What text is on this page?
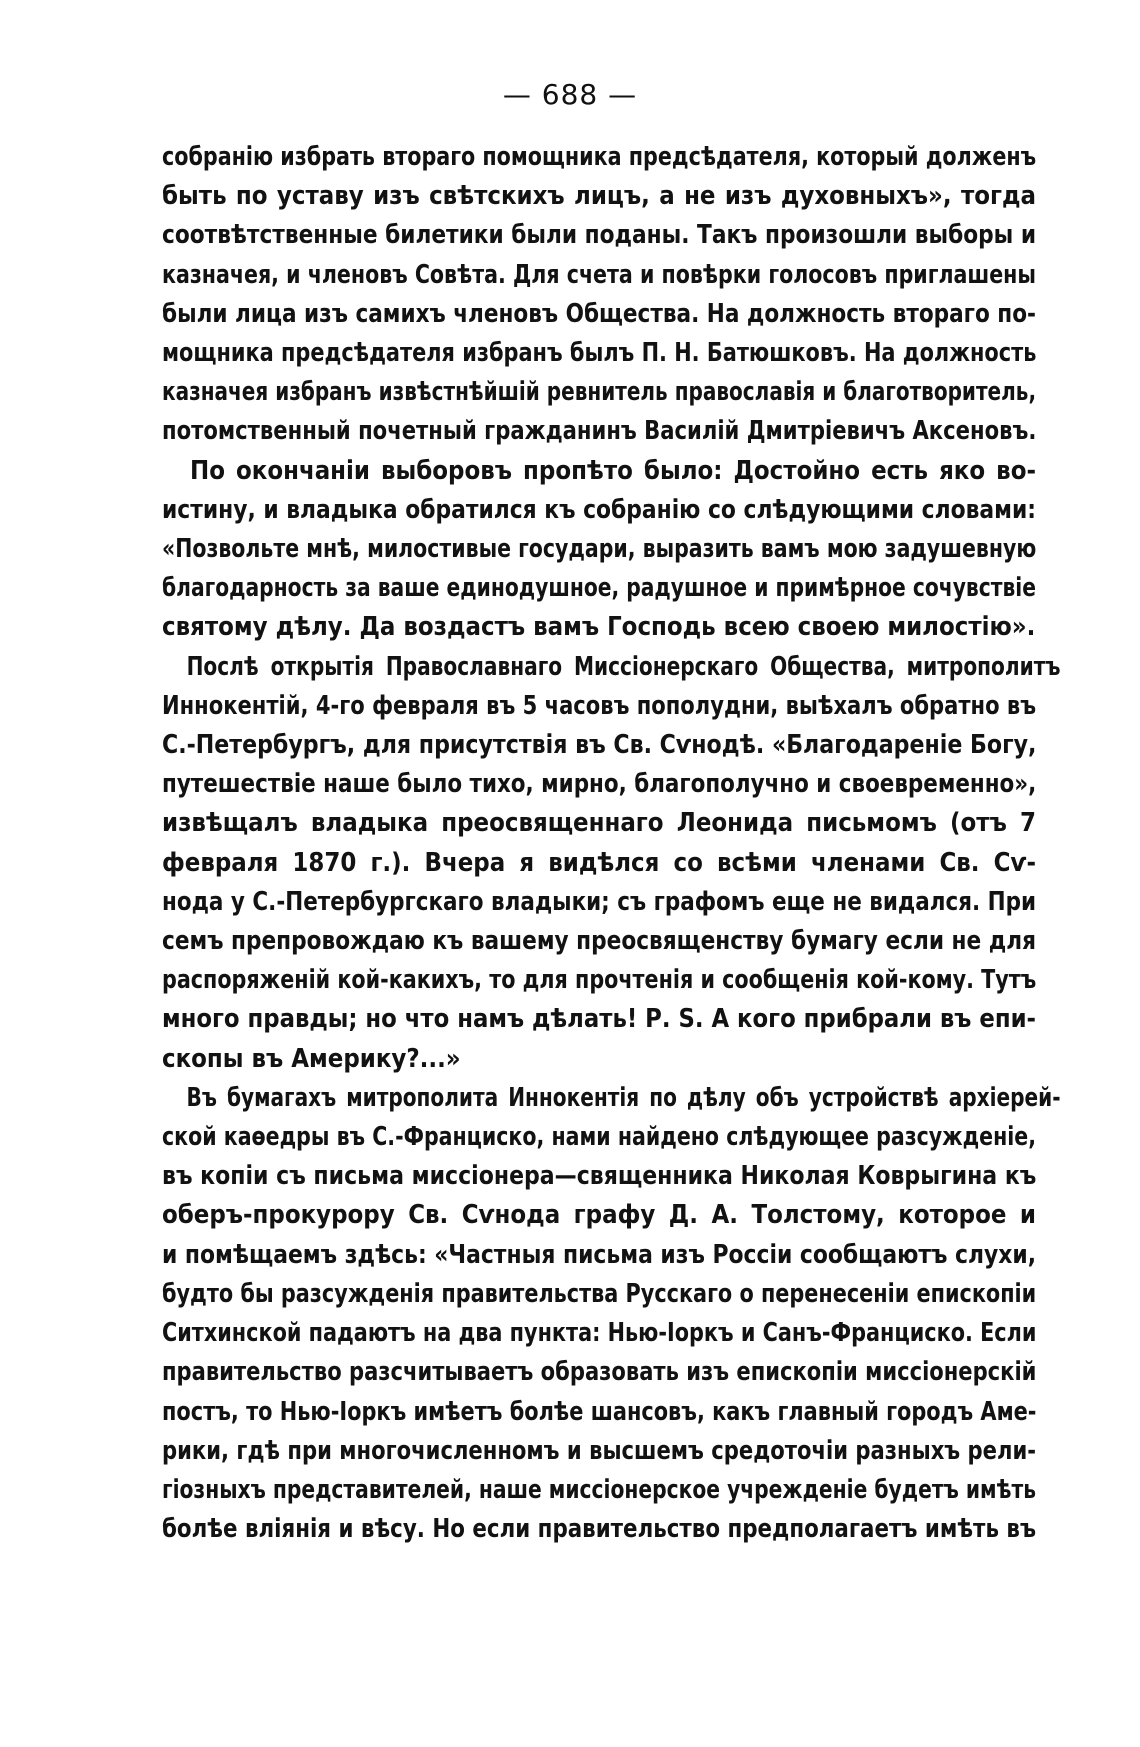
— 688 —

собранію избрать втораго помощника предсѣдателя, который долженъ
быть по уставу изъ свѣтскихъ лицъ, а не изъ духовныхъ», тогда
соотвѣтственные билетики были поданы. Такъ произошли выборы и
казначея, и членовъ Совѣта. Для счета и повѣрки голосовъ приглашены
были лица изъ самихъ членовъ Общества. На должность втораго по-
мощника предсѣдателя избранъ былъ П. Н. Батюшковъ. На должность
казначея избранъ извѣстнѣйшій ревнитель православія и благотворитель,
потомственный почетный гражданинъ Василій Дмитріевичъ Аксеновъ.

По окончаніи выборовъ пропѣто было: Достойно есть яко во-
истину, и владыка обратился къ собранію со слѣдующими словами:
«Позвольте мнѣ, милостивые государи, выразить вамъ мою задушевную
благодарность за ваше единодушное, радушное и примѣрное сочувствіе
святому дѣлу. Да воздастъ вамъ Господь всею своею милостію».

Послѣ открытія Православнаго Миссіонерскаго Общества, митрополитъ
Иннокентій, 4-го февраля въ 5 часовъ пополудни, выѣхалъ обратно въ
С.-Петербургъ, для присутствія въ Св. Сѵнодѣ. «Благодареніе Богу,
путешествіе наше было тихо, мирно, благополучно и своевременно»,
извѣщалъ владыка преосвященнаго Леонида письмомъ (отъ 7
февраля 1870 г.). Вчера я видѣлся со всѣми членами Св. Сѵ-
нода у С.-Петербургскаго владыки; съ графомъ еще не видался. При
семъ препровождаю къ вашему преосвященству бумагу если не для
распоряженій кой-какихъ, то для прочтенія и сообщенія кой-кому. Тутъ
много правды; но что намъ дѣлать! Р. S. А кого прибрали въ епи-
скопы въ Америку?...»

Въ бумагахъ митрополита Иннокентія по дѣлу объ устройствѣ архіерей-
ской каѳедры въ С.-Франциско, нами найдено слѣдующее разсужденіе,
въ копіи съ письма миссіонера—священника Николая Коврыгина къ
оберъ-прокурору Св. Сѵнода графу Д. А. Толстому, которое и
и помѣщаемъ здѣсь: «Частныя письма изъ Россіи сообщаютъ слухи,
будто бы разсужденія правительства Русскаго о перенесеніи епископіи
Ситхинской падаютъ на два пункта: Нью-Іоркъ и Санъ-Франциско. Если
правительство разсчитываетъ образовать изъ епископіи миссіонерскій
постъ, то Нью-Іоркъ имѣетъ болѣе шансовъ, какъ главный городъ Аме-
рики, гдѣ при многочисленномъ и высшемъ средоточіи разныхъ рели-
гіозныхъ представителей, наше миссіонерское учрежденіе будетъ имѣть
болѣе вліянія и вѣсу. Но если правительство предполагаетъ имѣть въ
